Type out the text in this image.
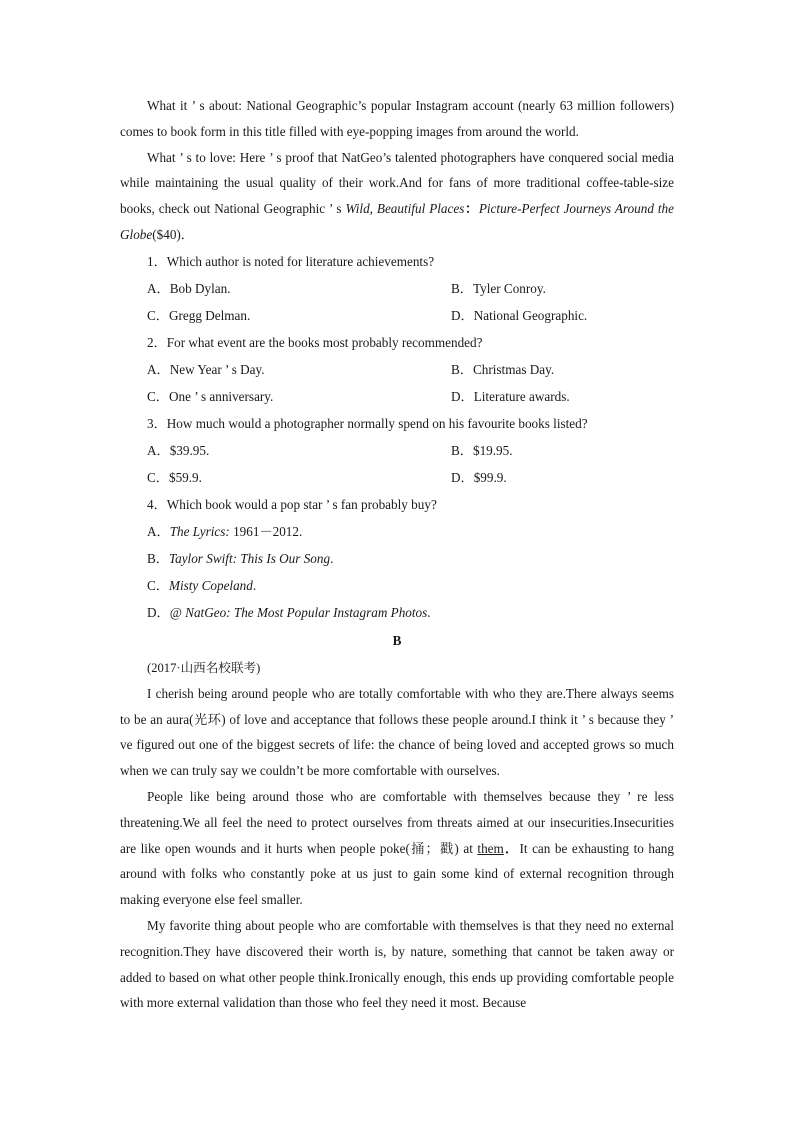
What it ’ s about: National Geographic’s popular Instagram account (nearly 63 million followers) comes to book form in this title filled with eye-popping images from around the world.

What ’ s to love: Here ’ s proof that NatGeo’s talented photographers have conquered social media while maintaining the usual quality of their work.And for fans of more traditional coffee-table-size books, check out National Geographic ’ s Wild, Beautiful Places：Picture-Perfect Journeys Around the Globe($40)．

1．Which author is noted for literature achievements?
A．Bob Dylan.	B．Tyler Conroy.
C．Gregg Delman.	D．National Geographic.
2．For what event are the books most probably recommended?
A．New Year ’ s Day.	B．Christmas Day.
C．One ’ s anniversary.	D．Literature awards.
3．How much would a photographer normally spend on his favourite books listed?
A．$39.95.	B．$19.95.
C．$59.9.	D．$99.9.
4．Which book would a pop star ’ s fan probably buy?
A．The Lyrics: 1961－2012.
B．Taylor Swift: This Is Our Song.
C．Misty Copeland.
D．@ NatGeo: The Most Popular Instagram Photos.
B
(2017·山西名校联考)

I cherish being around people who are totally comfortable with who they are.There always seems to be an aura(光环) of love and acceptance that follows these people around.I think it ’ s because they ’ ve figured out one of the biggest secrets of life: the chance of being loved and accepted grows so much when we can truly say we couldn’t be more comfortable with ourselves.

People like being around those who are comfortable with themselves because they ’ re less threatening.We all feel the need to protect ourselves from threats aimed at our insecurities.Insecurities are like open wounds and it hurts when people poke(捅；戳) at them．It can be exhausting to hang around with folks who constantly poke at us just to gain some kind of external recognition through making everyone else feel smaller.

My favorite thing about people who are comfortable with themselves is that they need no external recognition.They have discovered their worth is, by nature, something that cannot be taken away or added to based on what other people think.Ironically enough, this ends up providing comfortable people with more external validation than those who feel they need it most. Because
